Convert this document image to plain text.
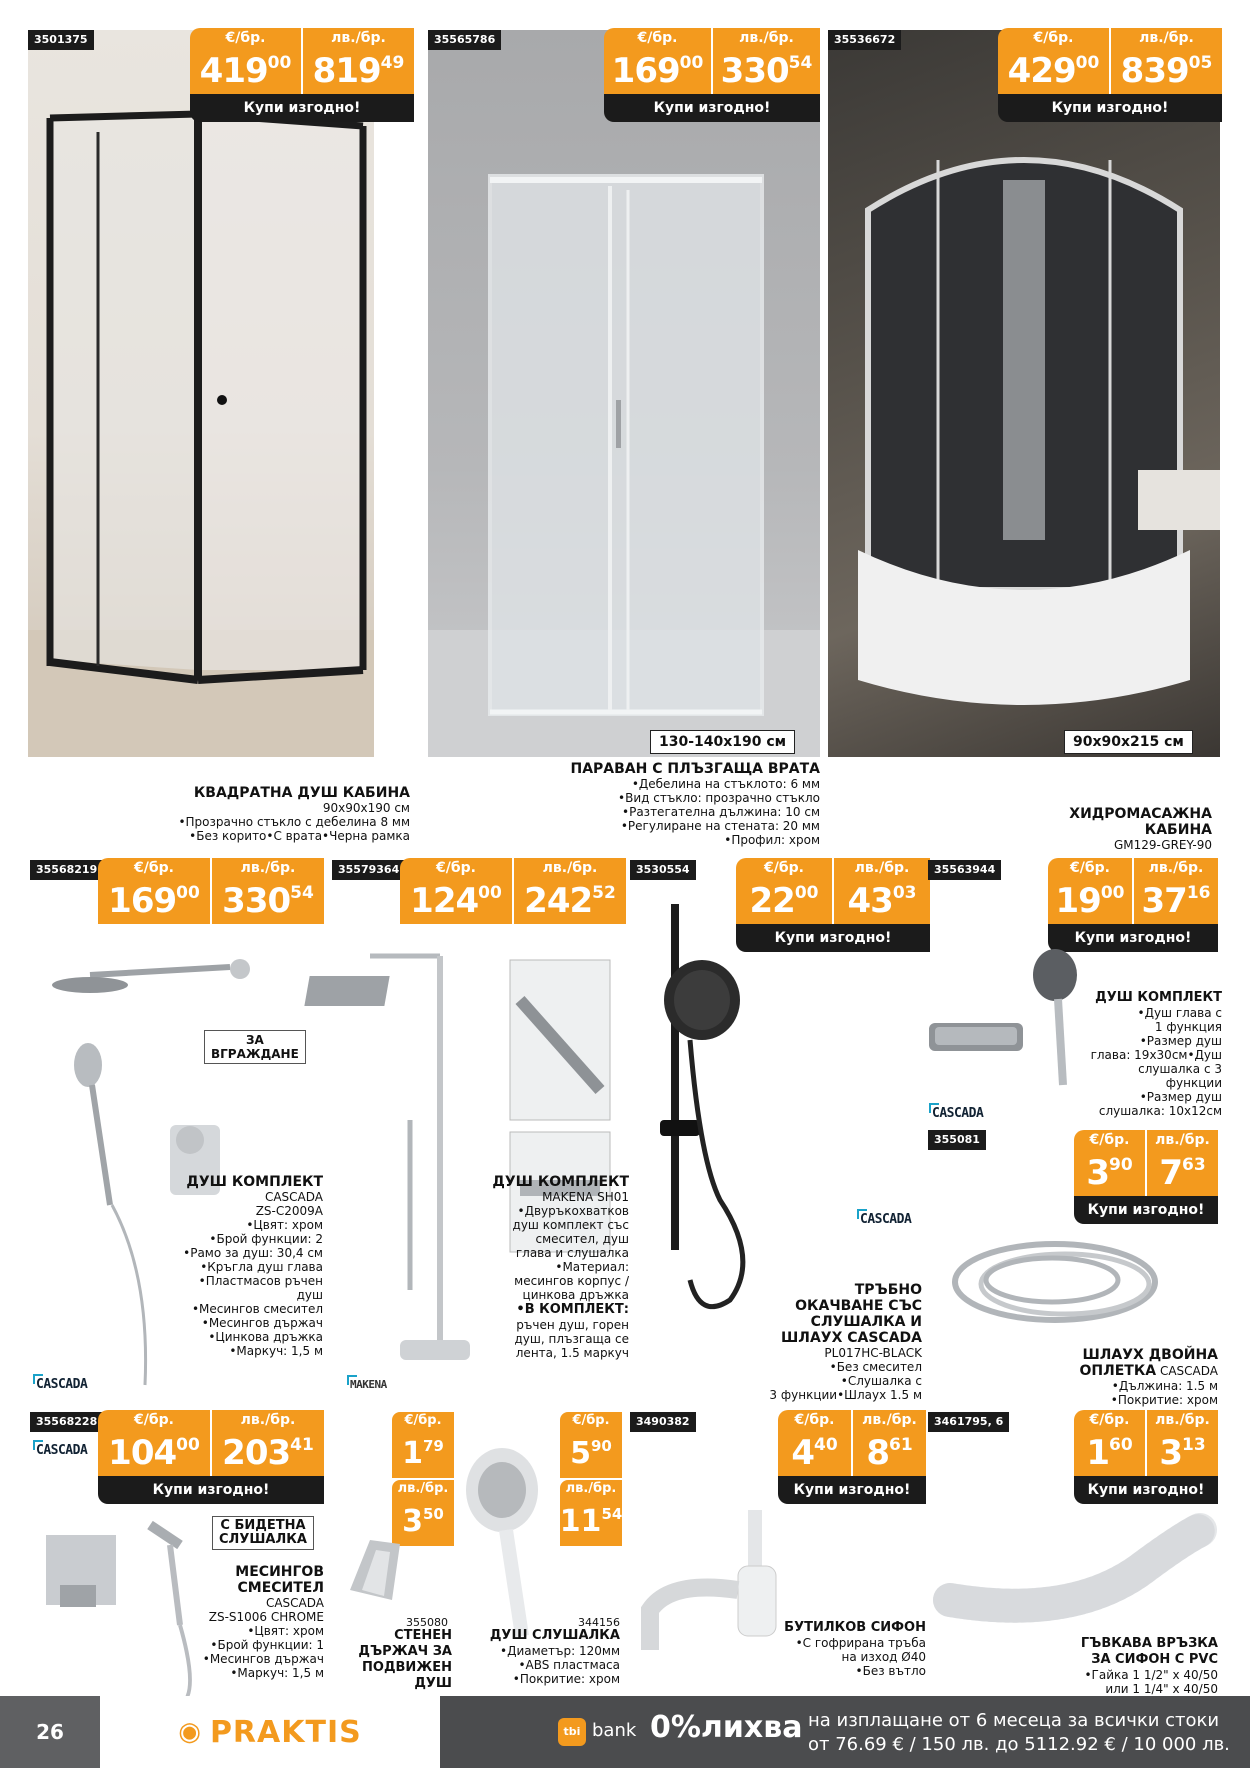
3501375	€/бр.
$419^{00}$
лв./бр.
$819^{49}$
Купи изгодно!
КВАДРАТНА ДУШ КАБИНА
90x90x190 см
•Прозрачно стъкло с дебелина 8 мм
•Без корито•С врата•Черна рамка
35565786	€/бр.
$169^{00}$
лв./бр.
$330^{54}$
Купи изгодно!
130-140x190 см
ПАРАВАН С ПЛЪЗГАЩА ВРАТА
•Дебелина на стъклото: 6 мм
•Вид стъкло: прозрачно стъкло
•Разтегателна дължина: 10 см
•Регулиране на стената: 20 мм
•Профил: хром
35536672	€/бр.
$429^{00}$
лв./бр.
$839^{05}$
Купи изгодно!
90x90x215 см
ХИДРОМАСАЖНА
КАБИНА
GM129-GREY-90
35568219	€/бр.
$169^{00}$
лв./бр.
$330^{54}$
ЗА
ВГРАЖДАНЕ
ДУШ КОМПЛЕКТ
CASCADA
ZS-C2009A
•Цвят: хром
•Брой функции: 2
•Рамо за душ: 30,4 см
•Кръгла душ глава
•Пластмасов ръчен
душ
•Месингов смесител
•Месингов държач
•Цинкова дръжка
•Маркуч: 1,5 м
CASCADA
35579364	€/бр.
$124^{00}$
лв./бр.
$242^{52}$
ДУШ КОМПЛЕКТ
MAKENA SH01
•Двуръкохватков
душ комплект със
смесител, душ
глава и слушалка
•Материал:
месингов корпус /
цинкова дръжка
•В КОМПЛЕКТ:
ръчен душ, горен
душ, плъзгаща се
лента, 1.5 маркуч
MAKENA
3530554	€/бр.
$22^{00}$
лв./бр.
$43^{03}$
Купи изгодно!
CASCADA
ТРЪБНО
ОКАЧВАНЕ СЪС
СЛУШАЛКА И
ШЛАУХ CASCADA
PL017HC-BLACK
•Без смесител
•Слушалка с
3 функции•Шлаух 1.5 м
35563944	€/бр.
$19^{00}$
лв./бр.
$37^{16}$
Купи изгодно!
ДУШ КОМПЛЕКТ
•Душ глава с
1 функция
•Размер душ
глава: 19x30см•Душ
слушалка с 3
функции
•Размер душ
слушалка: 10x12см
CASCADA
355081	€/бр.
$3^{90}$
лв./бр.
$7^{63}$
Купи изгодно!
ШЛАУХ ДВОЙНА
ОПЛЕТКА CASCADA
•Дължина: 1.5 м
•Покритие: хром
35568228
CASCADA
€/бр.
$104^{00}$
лв./бр.
$203^{41}$
Купи изгодно!
С БИДЕТНА
СЛУШАЛКА
МЕСИНГОВ
СМЕСИТЕЛ
CASCADA
ZS-S1006 CHROME
•Цвят: хром
•Брой функции: 1
•Месингов държач
•Маркуч: 1,5 м
€/бр.
$1^{79}$
лв./бр.
$3^{50}$
355080
СТЕНЕН
ДЪРЖАЧ ЗА
ПОДВИЖЕН
ДУШ
€/бр.
$5^{90}$
лв./бр.
$11^{54}$
344156
ДУШ СЛУШАЛКА
•Диаметър: 120мм
•ABS пластмаса
•Покритие: хром
3490382	€/бр.
$4^{40}$
лв./бр.
$8^{61}$
Купи изгодно!
БУТИЛКОВ СИФОН
•С гофрирана тръба
на изход Ø40
•Без вътло
3461795, 6	€/бр.
$1^{60}$
лв./бр.
$3^{13}$
Купи изгодно!
ГЪВКАВА ВРЪЗКА
ЗА СИФОН С PVC
•Гайка 1 1/2" x 40/50
или 1 1/4" x 40/50
26	◉ PRAKTIS	tbi bank 0%лихва на изплащане от 6 месеца за всички стоки
от 76.69 € / 150 лв. до 5112.92 € / 10 000 лв.
